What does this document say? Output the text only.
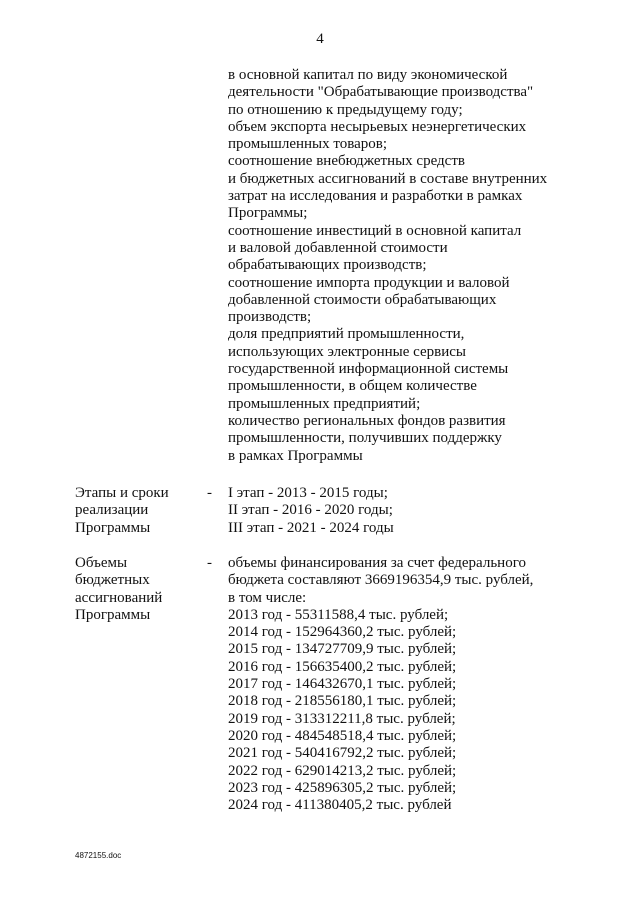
4
в основной капитал по виду экономической
деятельности "Обрабатывающие производства"
по отношению к предыдущему году;
объем экспорта несырьевых неэнергетических
промышленных товаров;
соотношение внебюджетных средств
и бюджетных ассигнований в составе внутренних
затрат на исследования и разработки в рамках
Программы;
соотношение инвестиций в основной капитал
и валовой добавленной стоимости
обрабатывающих производств;
соотношение импорта продукции и валовой
добавленной стоимости обрабатывающих
производств;
доля предприятий промышленности,
использующих электронные сервисы
государственной информационной системы
промышленности, в общем количестве
промышленных предприятий;
количество региональных фондов развития
промышленности, получивших поддержку
в рамках Программы
Этапы и сроки
реализации
Программы
- I этап - 2013 - 2015 годы;
II этап - 2016 - 2020 годы;
III этап - 2021 - 2024 годы
Объемы
бюджетных
ассигнований
Программы
- объемы финансирования за счет федерального
бюджета составляют 3669196354,9 тыс. рублей,
в том числе:
2013 год - 55311588,4 тыс. рублей;
2014 год - 152964360,2 тыс. рублей;
2015 год - 134727709,9 тыс. рублей;
2016 год - 156635400,2 тыс. рублей;
2017 год - 146432670,1 тыс. рублей;
2018 год - 218556180,1 тыс. рублей;
2019 год - 313312211,8 тыс. рублей;
2020 год - 484548518,4 тыс. рублей;
2021 год - 540416792,2 тыс. рублей;
2022 год - 629014213,2 тыс. рублей;
2023 год - 425896305,2 тыс. рублей;
2024 год - 411380405,2 тыс. рублей
4872155.doc
